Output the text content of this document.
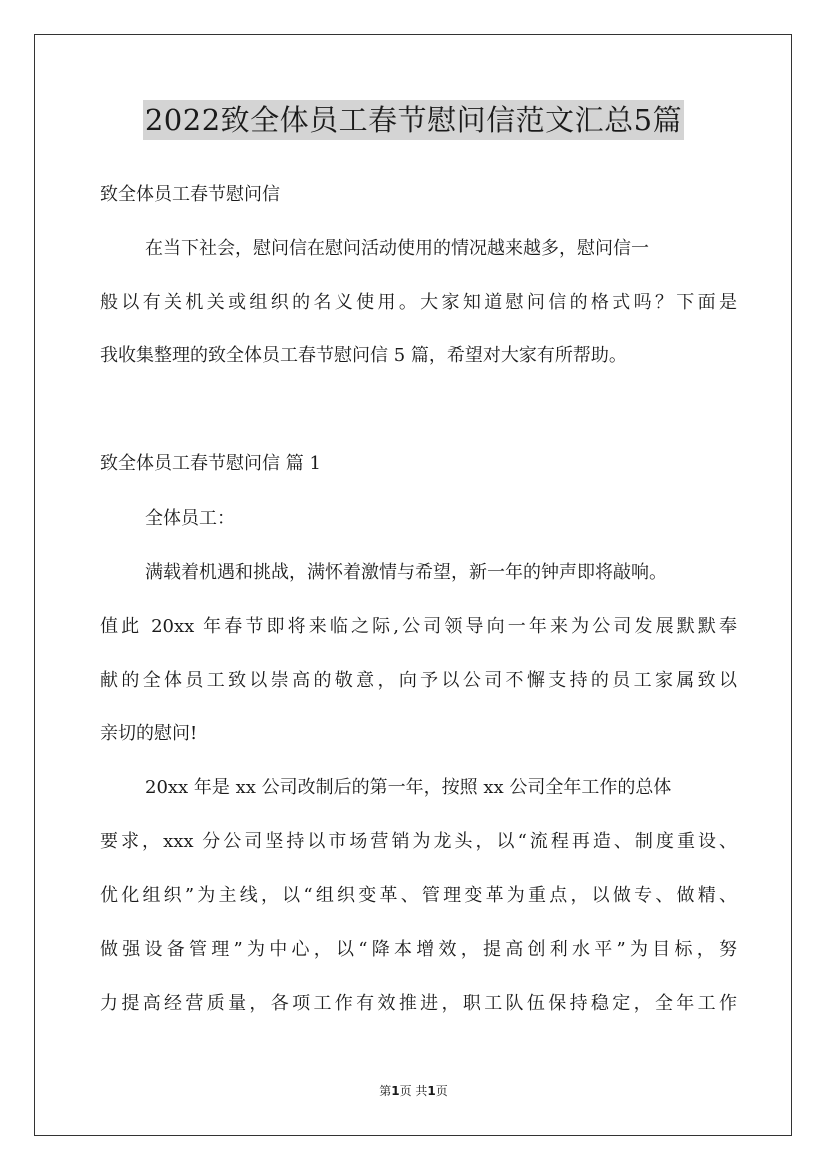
2022致全体员工春节慰问信范文汇总5篇
致全体员工春节慰问信
在当下社会，慰问信在慰问活动使用的情况越来越多，慰问信一
般以有关机关或组织的名义使用。大家知道慰问信的格式吗？下面是
我收集整理的致全体员工春节慰问信 5 篇，希望对大家有所帮助。
致全体员工春节慰问信 篇 1
全体员工：
满载着机遇和挑战，满怀着激情与希望，新一年的钟声即将敲响。
值此 20xx 年春节即将来临之际,公司领导向一年来为公司发展默默奉
献的全体员工致以崇高的敬意，向予以公司不懈支持的员工家属致以
亲切的慰问!
20xx 年是 xx 公司改制后的第一年，按照 xx 公司全年工作的总体
要求，xxx 分公司坚持以市场营销为龙头，以“流程再造、制度重设、
优化组织”为主线，以“组织变革、管理变革为重点，以做专、做精、
做强设备管理”为中心，以“降本增效，提高创利水平”为目标，努
力提高经营质量，各项工作有效推进，职工队伍保持稳定，全年工作
第1页 共1页
